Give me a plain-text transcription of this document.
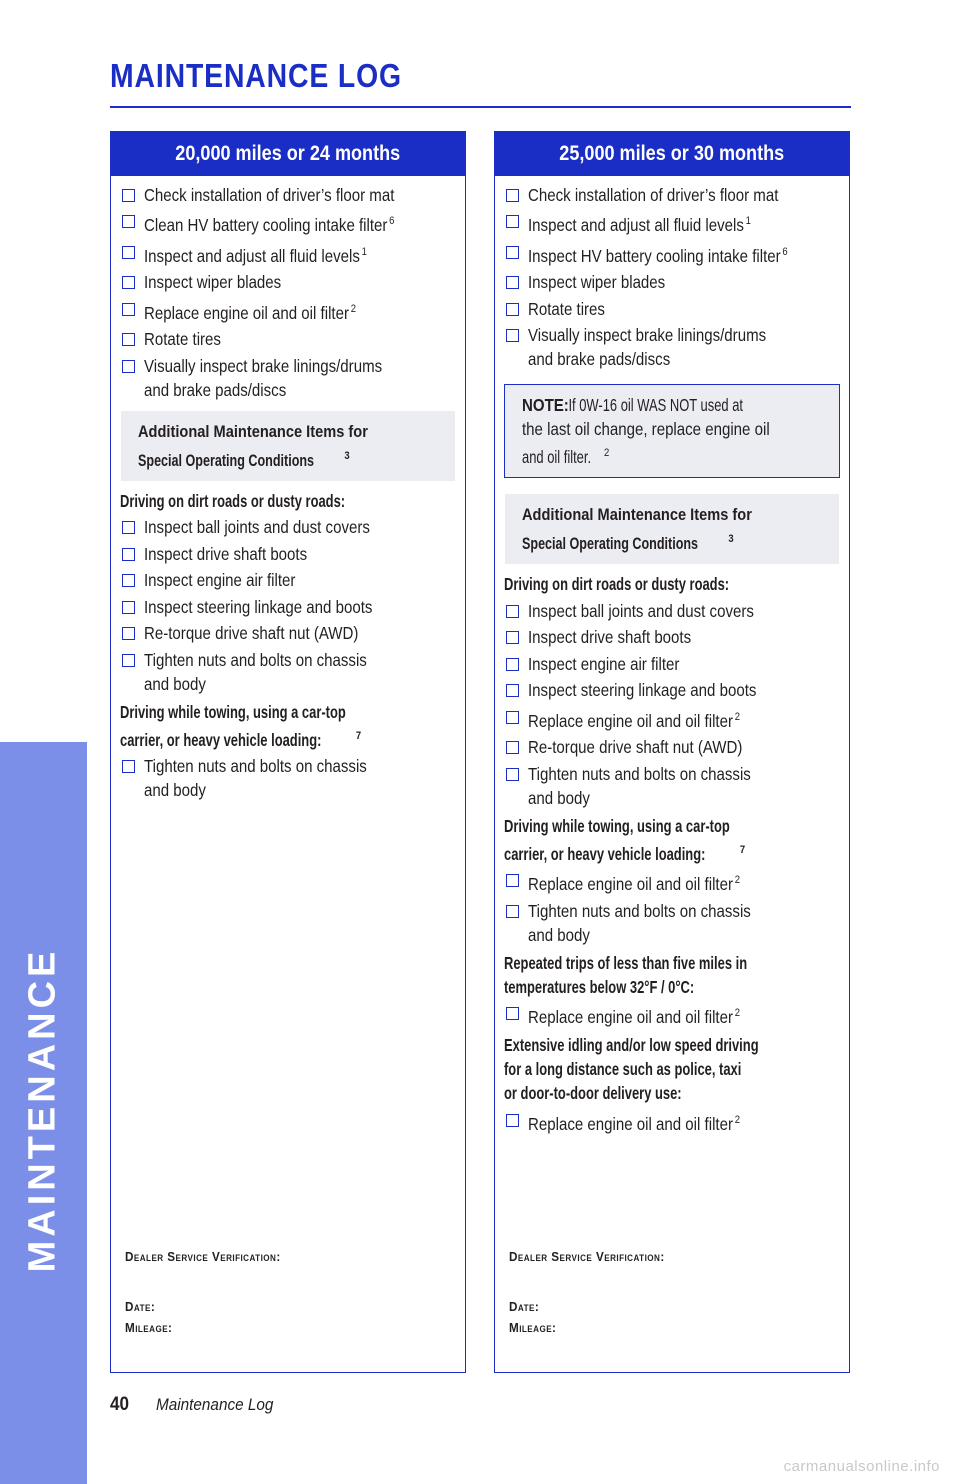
MAINTENANCE LOG
MAINTENANCE
20,000 miles or 24 months
Check installation of driver’s floor mat
Clean HV battery cooling intake filter $^6$
Inspect and adjust all fluid levels $^1$
Inspect wiper blades
Replace engine oil and oil filter $^2$
Rotate tires
Visually inspect brake linings/drums
and brake pads/discs
Additional Maintenance Items for
Special Operating Conditions	$^3$
Driving on dirt roads or dusty roads:
Inspect ball joints and dust covers
Inspect drive shaft boots
Inspect engine air filter
Inspect steering linkage and boots
Re-torque drive shaft nut (AWD)
Tighten nuts and bolts on chassis
and body
Driving while towing, using a car-top
carrier, or heavy vehicle loading:	$^7$
Tighten nuts and bolts on chassis
and body
Dealer Service Verification:
Date:
Mileage:
25,000 miles or 30 months
Check installation of driver’s floor mat
Inspect and adjust all fluid levels $^1$
Inspect HV battery cooling intake filter $^6$
Inspect wiper blades
Rotate tires
Visually inspect brake linings/drums
and brake pads/discs
NOTE:If 0W-16 oil WAS NOT used at
the last oil change, replace engine oil
and oil filter. $^2$
Additional Maintenance Items for
Special Operating Conditions	$^3$
Driving on dirt roads or dusty roads:
Inspect ball joints and dust covers
Inspect drive shaft boots
Inspect engine air filter
Inspect steering linkage and boots
Replace engine oil and oil filter $^2$
Re-torque drive shaft nut (AWD)
Tighten nuts and bolts on chassis
and body
Driving while towing, using a car-top
carrier, or heavy vehicle loading:	$^7$
Replace engine oil and oil filter $^2$
Tighten nuts and bolts on chassis
and body
Repeated trips of less than five miles in
temperatures below 32°F / 0°C:
Replace engine oil and oil filter $^2$
Extensive idling and/or low speed driving
for a long distance such as police, taxi
or door-to-door delivery use:
Replace engine oil and oil filter $^2$
Dealer Service Verification:
Date:
Mileage:
40 Maintenance Log
carmanualsonline.info
